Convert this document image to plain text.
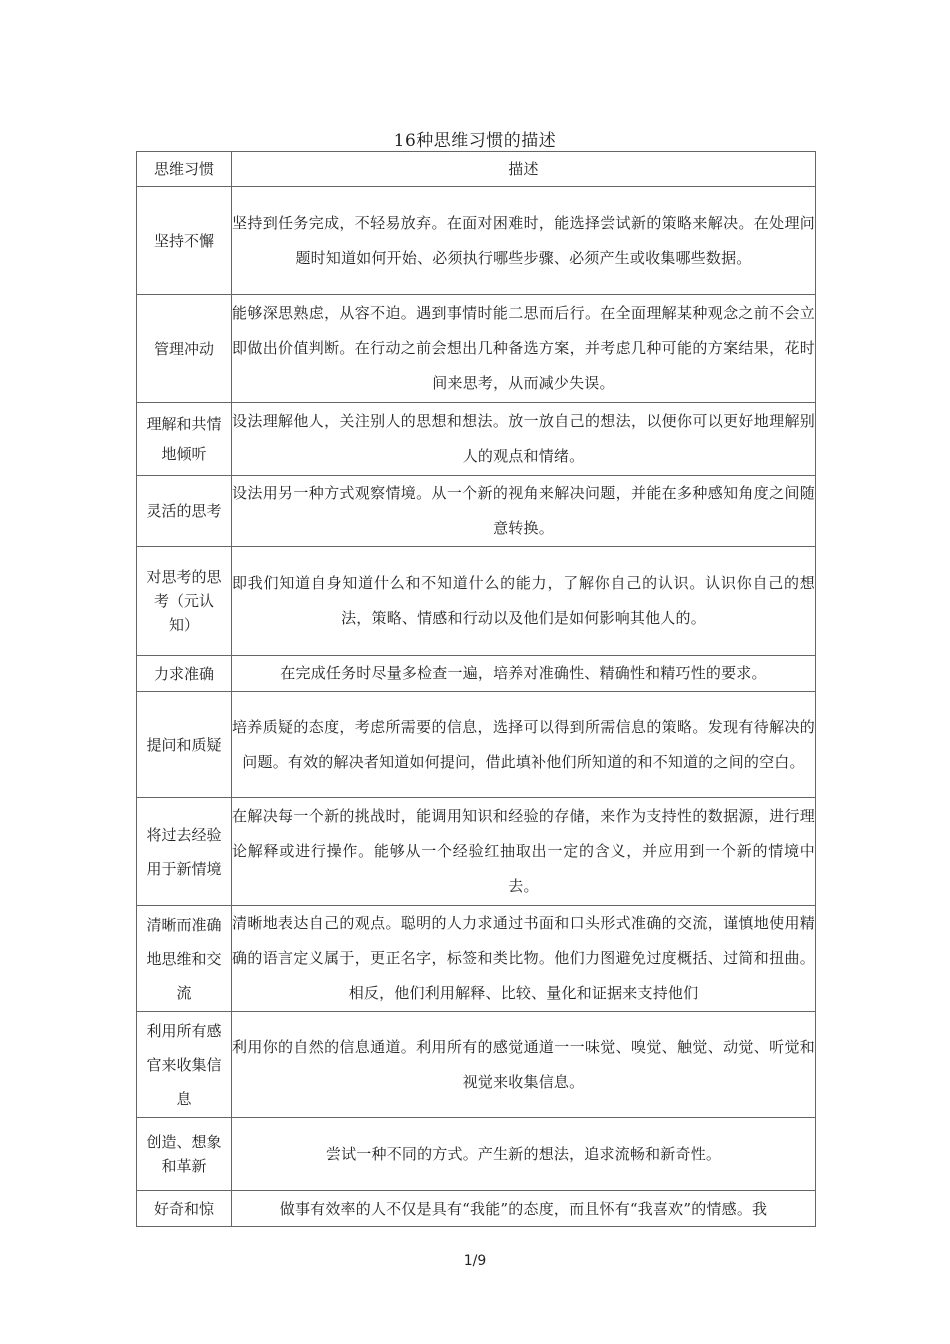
16种思维习惯的描述
思维习惯	描述
坚持不懈	坚持到任务完成，不轻易放弃。在面对困难时，能选择尝试新的策略来解决。在处理问题时知道如何开始、必须执行哪些步骤、必须产生或收集哪些数据。
管理冲动	能够深思熟虑，从容不迫。遇到事情时能二思而后行。在全面理解某种观念之前不会立即做出价值判断。在行动之前会想出几种备选方案，并考虑几种可能的方案结果，花时间来思考，从而减少失误。
理解和共情地倾听	设法理解他人，关注别人的思想和想法。放一放自己的想法，以便你可以更好地理解别人的观点和情绪。
灵活的思考	设法用另一种方式观察情境。从一个新的视角来解决问题，并能在多种感知角度之间随意转换。
对思考的思考（元认知）	即我们知道自身知道什么和不知道什么的能力，了解你自己的认识。认识你自己的想法，策略、情感和行动以及他们是如何影响其他人的。
力求准确	在完成任务时尽量多检查一遍，培养对准确性、精确性和精巧性的要求。
提问和质疑	培养质疑的态度，考虑所需要的信息，选择可以得到所需信息的策略。发现有待解决的问题。有效的解决者知道如何提问，借此填补他们所知道的和不知道的之间的空白。
将过去经验用于新情境	在解决每一个新的挑战时，能调用知识和经验的存储，来作为支持性的数据源，进行理论解释或进行操作。能够从一个经验红抽取出一定的含义，并应用到一个新的情境中去。
清晰而准确地思维和交流	清晰地表达自己的观点。聪明的人力求通过书面和口头形式准确的交流，谨慎地使用精确的语言定义属于，更正名字，标签和类比物。他们力图避免过度概括、过简和扭曲。相反，他们利用解释、比较、量化和证据来支持他们
利用所有感官来收集信息	利用你的自然的信息通道。利用所有的感觉通道一一味觉、嗅觉、触觉、动觉、听觉和视觉来收集信息。
创造、想象和革新	尝试一种不同的方式。产生新的想法，追求流畅和新奇性。
好奇和惊	做事有效率的人不仅是具有“我能”的态度，而且怀有“我喜欢”的情感。我
1/9
